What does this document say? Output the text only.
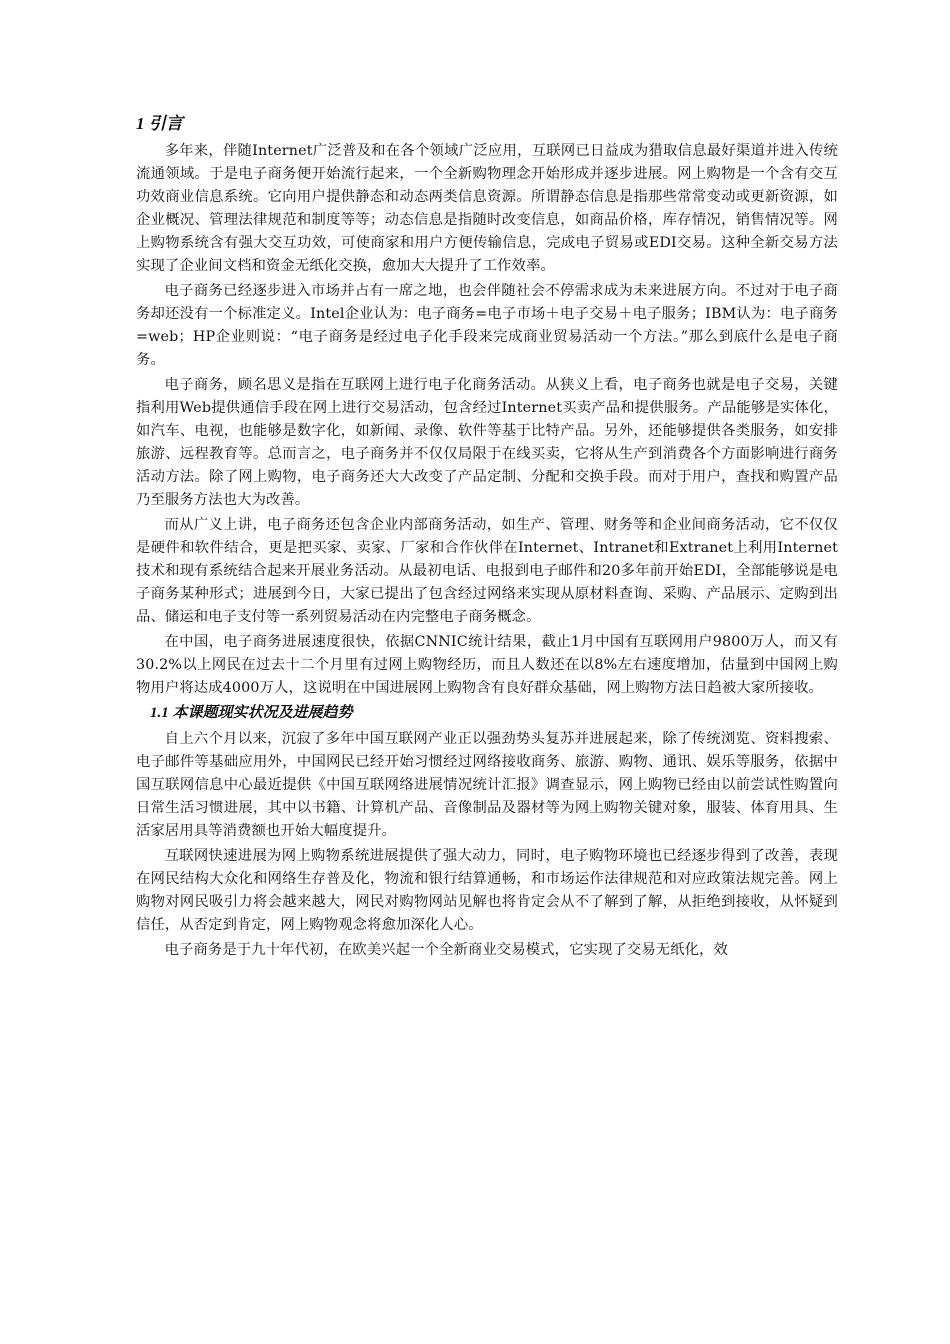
1 引言

多年来，伴随Internet广泛普及和在各个领域广泛应用，互联网已日益成为猎取信息最好渠道并进入传统流通领域。于是电子商务便开始流行起来，一个全新购物理念开始形成并逐步进展。网上购物是一个含有交互功效商业信息系统。它向用户提供静态和动态两类信息资源。所谓静态信息是指那些常常变动或更新资源，如企业概况、管理法律规范和制度等等；动态信息是指随时改变信息，如商品价格，库存情况，销售情况等。网上购物系统含有强大交互功效，可使商家和用户方便传输信息，完成电子贸易或EDI交易。这种全新交易方法实现了企业间文档和资金无纸化交换，愈加大大提升了工作效率。

电子商务已经逐步进入市场并占有一席之地，也会伴随社会不停需求成为未来进展方向。不过对于电子商务却还没有一个标准定义。Intel企业认为：电子商务=电子市场＋电子交易＋电子服务；IBM认为：电子商务=web；HP企业则说：“电子商务是经过电子化手段来完成商业贸易活动一个方法。”那么到底什么是电子商务。

电子商务，顾名思义是指在互联网上进行电子化商务活动。从狭义上看，电子商务也就是电子交易，关键指利用Web提供通信手段在网上进行交易活动，包含经过Internet买卖产品和提供服务。产品能够是实体化，如汽车、电视，也能够是数字化，如新闻、录像、软件等基于比特产品。另外，还能够提供各类服务，如安排旅游、远程教育等。总而言之，电子商务并不仅仅局限于在线买卖，它将从生产到消费各个方面影响进行商务活动方法。除了网上购物，电子商务还大大改变了产品定制、分配和交换手段。而对于用户，查找和购置产品乃至服务方法也大为改善。

而从广义上讲，电子商务还包含企业内部商务活动，如生产、管理、财务等和企业间商务活动，它不仅仅是硬件和软件结合，更是把买家、卖家、厂家和合作伙伴在Internet、Intranet和Extranet上利用Internet技术和现有系统结合起来开展业务活动。从最初电话、电报到电子邮件和20多年前开始EDI，全部能够说是电子商务某种形式；进展到今日，大家已提出了包含经过网络来实现从原材料查询、采购、产品展示、定购到出品、储运和电子支付等一系列贸易活动在内完整电子商务概念。

在中国，电子商务进展速度很快，依据CNNIC统计结果，截止1月中国有互联网用户9800万人，而又有30.2%以上网民在过去十二个月里有过网上购物经历，而且人数还在以8%左右速度增加，估量到中国网上购物用户将达成4000万人，这说明在中国进展网上购物含有良好群众基础，网上购物方法日趋被大家所接收。

1.1 本课题现实状况及进展趋势

自上六个月以来，沉寂了多年中国互联网产业正以强劲势头复苏并进展起来，除了传统浏览、资料搜索、电子邮件等基础应用外，中国网民已经开始习惯经过网络接收商务、旅游、购物、通讯、娱乐等服务，依据中国互联网信息中心最近提供《中国互联网络进展情况统计汇报》调查显示，网上购物已经由以前尝试性购置向日常生活习惯进展，其中以书籍、计算机产品、音像制品及器材等为网上购物关键对象，服装、体育用具、生活家居用具等消费额也开始大幅度提升。

互联网快速进展为网上购物系统进展提供了强大动力，同时，电子购物环境也已经逐步得到了改善，表现在网民结构大众化和网络生存普及化，物流和银行结算通畅，和市场运作法律规范和对应政策法规完善。网上购物对网民吸引力将会越来越大，网民对购物网站见解也将肯定会从不了解到了解，从拒绝到接收，从怀疑到信任，从否定到肯定，网上购物观念将愈加深化人心。

电子商务是于九十年代初，在欧美兴起一个全新商业交易模式，它实现了交易无纸化，效
